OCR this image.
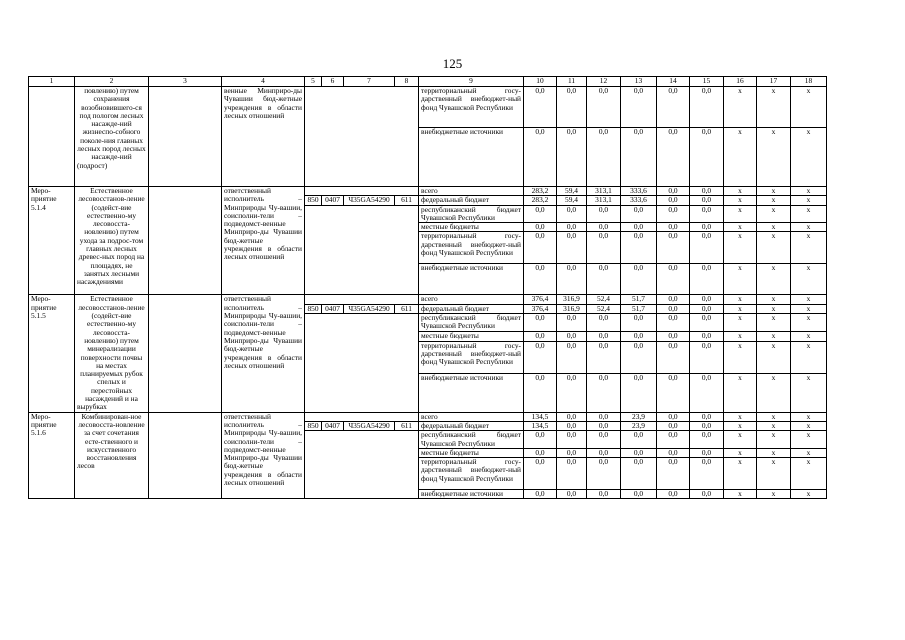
125
1	2	3	4	5	6	7	8	9	10	11	12	13	14	15	16	17	18
	повлению) путем сохранения возобновившего-ся под пологом лесных насажде-ний жизнеспо-собного поколе-ния главных лесных пород лесных насажде-ний (подрост)		венные Минприро-ды Чувашии бюд-жетные учреждения в области лесных отношений					территориальный госу-дарственный внебюджет-ный фонд Чувашской Республики	0,0	0,0	0,0	0,0	0,0	0,0	x	x	x
								внебюджетные источники	0,0	0,0	0,0	0,0	0,0	0,0	x	x	x
Меро-приятие 5.1.4	Естественное лесовосстанов-ление (содейст-вие естественно-му лесовосста-новлению) путем ухода за подрос-том главных лесных древес-ных пород на площадях, не занятых лесными насаждениями		ответственный исполнитель – Минприроды Чу-вашии, соисполни-тели – подведомст-венные Минприро-ды Чувашии бюд-жетные учреждения в области лесных отношений					всего	283,2	59,4	313,1	333,6	0,0	0,0	x	x	x
				850	0407	Ч35GA54290	611	федеральный бюджет	283,2	59,4	313,1	333,6	0,0	0,0	x	x	x
								республиканский бюджет Чувашской Республики	0,0	0,0	0,0	0,0	0,0	0,0	x	x	x
								местные бюджеты	0,0	0,0	0,0	0,0	0,0	0,0	x	x	x
								территориальный госу-дарственный внебюджет-ный фонд Чувашской Республики	0,0	0,0	0,0	0,0	0,0	0,0	x	x	x
								внебюджетные источники	0,0	0,0	0,0	0,0	0,0	0,0	x	x	x
Меро-приятие 5.1.5	Естественное лесовосстанов-ление (содейст-вие естественно-му лесовосста-новлению) путем минерализации поверхности почвы на местах планируемых рубок спелых и перестойных насаждений и на вырубках		ответственный исполнитель – Минприроды Чу-вашии, соисполни-тели – подведомст-венные Минприро-ды Чувашии бюд-жетные учреждения в области лесных отношений					всего	376,4	316,9	52,4	51,7	0,0	0,0	x	x	x
				850	0407	Ч35GA54290	611	федеральный бюджет	376,4	316,9	52,4	51,7	0,0	0,0	x	x	x
								республиканский бюджет Чувашской Республики	0,0	0,0	0,0	0,0	0,0	0,0	x	x	x
								местные бюджеты	0,0	0,0	0,0	0,0	0,0	0,0	x	x	x
								территориальный госу-дарственный внебюджет-ный фонд Чувашской Республики	0,0	0,0	0,0	0,0	0,0	0,0	x	x	x
								внебюджетные источники	0,0	0,0	0,0	0,0	0,0	0,0	x	x	x
Меро-приятие 5.1.6	Комбинирован-ное лесовосста-новление за счет сочетания есте-ственного и искусственного восстановления лесов		ответственный исполнитель – Минприроды Чу-вашии, соисполни-тели – подведомст-венные Минприро-ды Чувашии бюд-жетные учреждения в области лесных отношений					всего	134,5	0,0	0,0	23,9	0,0	0,0	x	x	x
				850	0407	Ч35GA54290	611	федеральный бюджет	134,5	0,0	0,0	23,9	0,0	0,0	x	x	x
								республиканский бюджет Чувашской Республики	0,0	0,0	0,0	0,0	0,0	0,0	x	x	x
								местные бюджеты	0,0	0,0	0,0	0,0	0,0	0,0	x	x	x
								территориальный госу-дарственный внебюджет-ный фонд Чувашской Республики	0,0	0,0	0,0	0,0	0,0	0,0	x	x	x
								внебюджетные источники	0,0	0,0	0,0	0,0	0,0	0,0	x	x	x
